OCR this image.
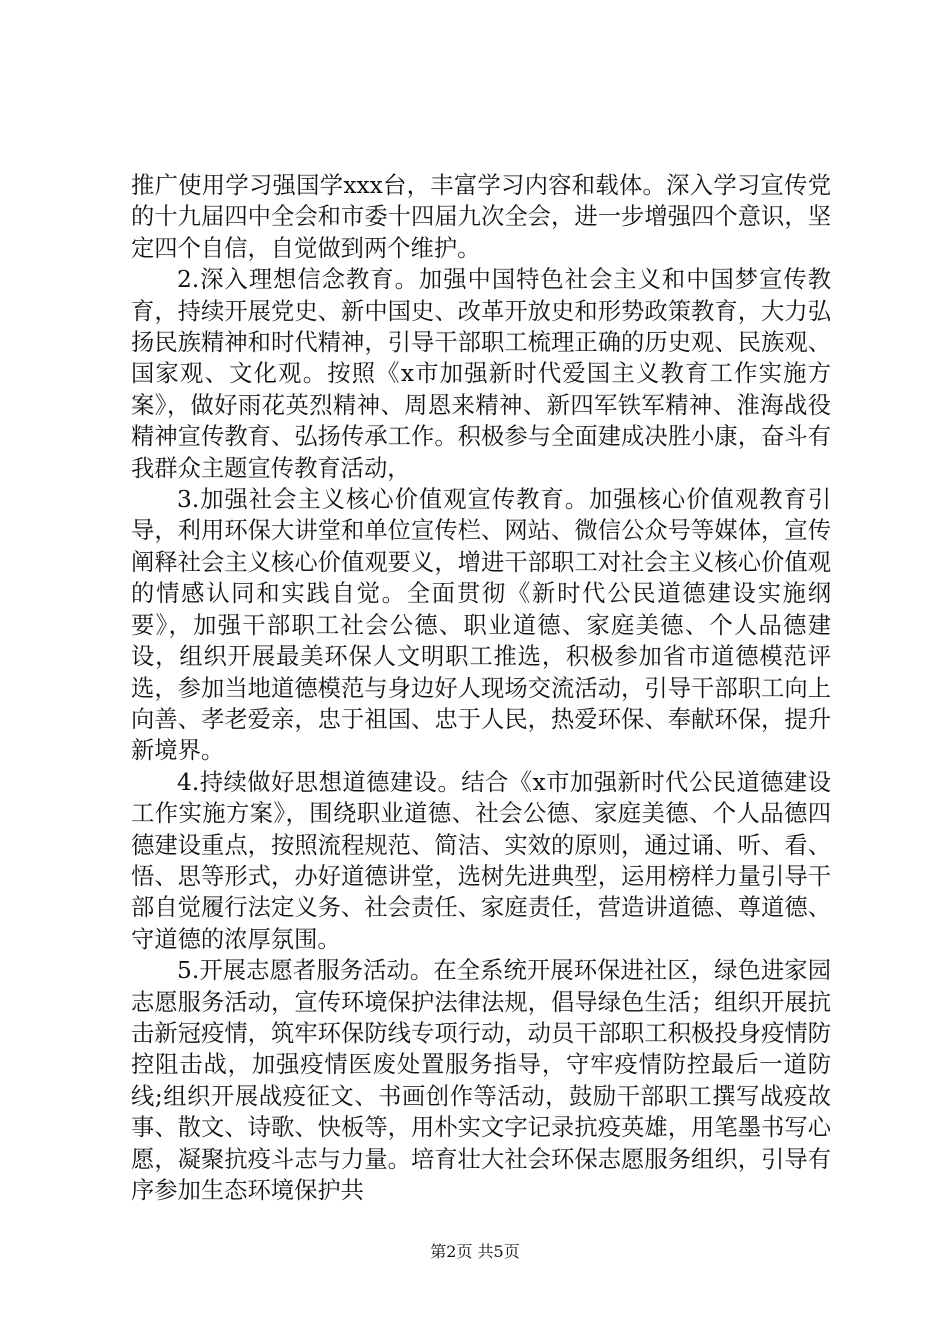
推广使用学习强国学xxx台，丰富学习内容和载体。深入学习宣传党的十九届四中全会和市委十四届九次全会，进一步增强四个意识，坚定四个自信，自觉做到两个维护。

2.深入理想信念教育。加强中国特色社会主义和中国梦宣传教育，持续开展党史、新中国史、改革开放史和形势政策教育，大力弘扬民族精神和时代精神，引导干部职工梳理正确的历史观、民族观、国家观、文化观。按照《x市加强新时代爱国主义教育工作实施方案》，做好雨花英烈精神、周恩来精神、新四军铁军精神、淮海战役精神宣传教育、弘扬传承工作。积极参与全面建成决胜小康，奋斗有我群众主题宣传教育活动，

3.加强社会主义核心价值观宣传教育。加强核心价值观教育引导，利用环保大讲堂和单位宣传栏、网站、微信公众号等媒体，宣传阐释社会主义核心价值观要义，增进干部职工对社会主义核心价值观的情感认同和实践自觉。全面贯彻《新时代公民道德建设实施纲要》，加强干部职工社会公德、职业道德、家庭美德、个人品德建设，组织开展最美环保人文明职工推选，积极参加省市道德模范评选，参加当地道德模范与身边好人现场交流活动，引导干部职工向上向善、孝老爱亲，忠于祖国、忠于人民，热爱环保、奉献环保，提升新境界。

4.持续做好思想道德建设。结合《x市加强新时代公民道德建设工作实施方案》，围绕职业道德、社会公德、家庭美德、个人品德四德建设重点，按照流程规范、简洁、实效的原则，通过诵、听、看、悟、思等形式，办好道德讲堂，选树先进典型，运用榜样力量引导干部自觉履行法定义务、社会责任、家庭责任，营造讲道德、尊道德、守道德的浓厚氛围。

5.开展志愿者服务活动。在全系统开展环保进社区，绿色进家园志愿服务活动，宣传环境保护法律法规，倡导绿色生活；组织开展抗击新冠疫情，筑牢环保防线专项行动，动员干部职工积极投身疫情防控阻击战，加强疫情医废处置服务指导，守牢疫情防控最后一道防线;组织开展战疫征文、书画创作等活动，鼓励干部职工撰写战疫故事、散文、诗歌、快板等，用朴实文字记录抗疫英雄，用笔墨书写心愿，凝聚抗疫斗志与力量。培育壮大社会环保志愿服务组织，引导有序参加生态环境保护共

第2页 共5页
